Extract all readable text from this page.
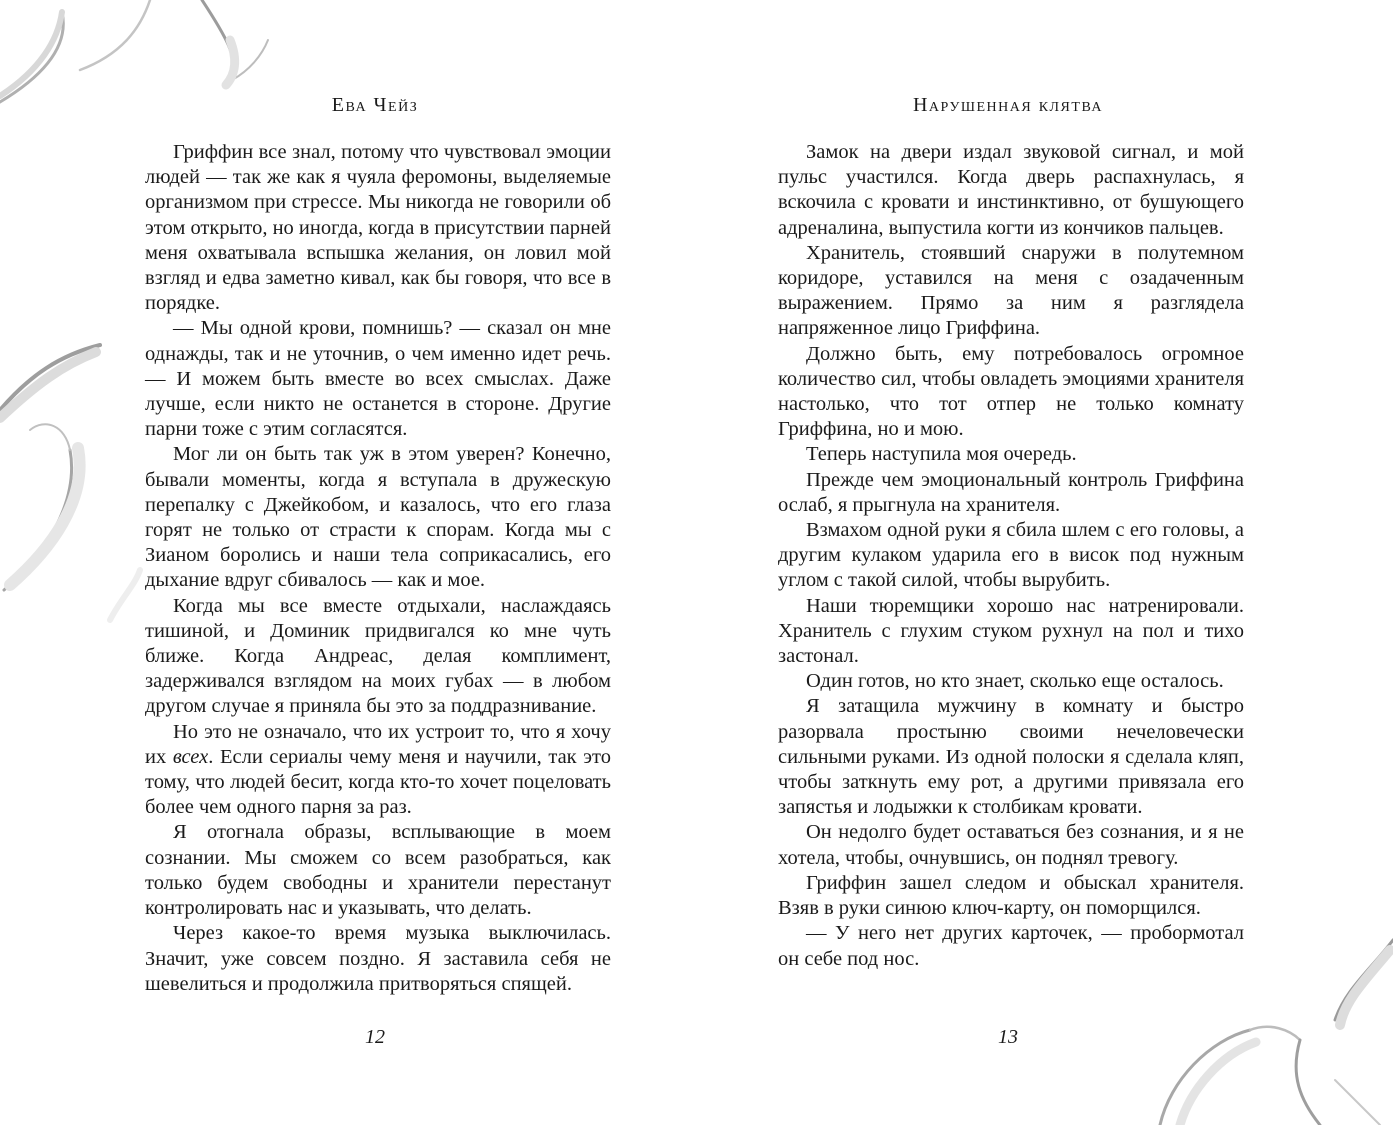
Ева Чейз

Гриффин все знал, потому что чувствовал эмоции людей — так же как я чуяла феромоны, выделяемые организмом при стрессе. Мы никогда не говорили об этом открыто, но иногда, когда в присутствии парней меня охватывала вспышка желания, он ловил мой взгляд и едва заметно кивал, как бы говоря, что все в порядке.

— Мы одной крови, помнишь? — сказал он мне однажды, так и не уточнив, о чем именно идет речь. — И можем быть вместе во всех смыслах. Даже лучше, если никто не останется в стороне. Другие парни тоже с этим согласятся.

Мог ли он быть так уж в этом уверен? Конечно, бывали моменты, когда я вступала в дружескую перепалку с Джейкобом, и казалось, что его глаза горят не только от страсти к спорам. Когда мы с Зианом боролись и наши тела соприкасались, его дыхание вдруг сбивалось — как и мое.

Когда мы все вместе отдыхали, наслаждаясь тишиной, и Доминик придвигался ко мне чуть ближе. Когда Андреас, делая комплимент, задерживался взглядом на моих губах — в любом другом случае я приняла бы это за поддразнивание.

Но это не означало, что их устроит то, что я хочу их всех. Если сериалы чему меня и научили, так это тому, что людей бесит, когда кто-то хочет поцеловать более чем одного парня за раз.

Я отогнала образы, всплывающие в моем сознании. Мы сможем со всем разобраться, как только будем свободны и хранители перестанут контролировать нас и указывать, что делать.

Через какое-то время музыка выключилась. Значит, уже совсем поздно. Я заставила себя не шевелиться и продолжила притворяться спящей.

12
Нарушенная клятва

Замок на двери издал звуковой сигнал, и мой пульс участился. Когда дверь распахнулась, я вскочила с кровати и инстинктивно, от бушующего адреналина, выпустила когти из кончиков пальцев.

Хранитель, стоявший снаружи в полутемном коридоре, уставился на меня с озадаченным выражением. Прямо за ним я разглядела напряженное лицо Гриффина.

Должно быть, ему потребовалось огромное количество сил, чтобы овладеть эмоциями хранителя настолько, что тот отпер не только комнату Гриффина, но и мою.

Теперь наступила моя очередь.

Прежде чем эмоциональный контроль Гриффина ослаб, я прыгнула на хранителя.

Взмахом одной руки я сбила шлем с его головы, а другим кулаком ударила его в висок под нужным углом с такой силой, чтобы вырубить.

Наши тюремщики хорошо нас натренировали. Хранитель с глухим стуком рухнул на пол и тихо застонал.

Один готов, но кто знает, сколько еще осталось.

Я затащила мужчину в комнату и быстро разорвала простыню своими нечеловечески сильными руками. Из одной полоски я сделала кляп, чтобы заткнуть ему рот, а другими привязала его запястья и лодыжки к столбикам кровати.

Он недолго будет оставаться без сознания, и я не хотела, чтобы, очнувшись, он поднял тревогу.

Гриффин зашел следом и обыскал хранителя. Взяв в руки синюю ключ-карту, он поморщился.

— У него нет других карточек, — пробормотал он себе под нос.

13
